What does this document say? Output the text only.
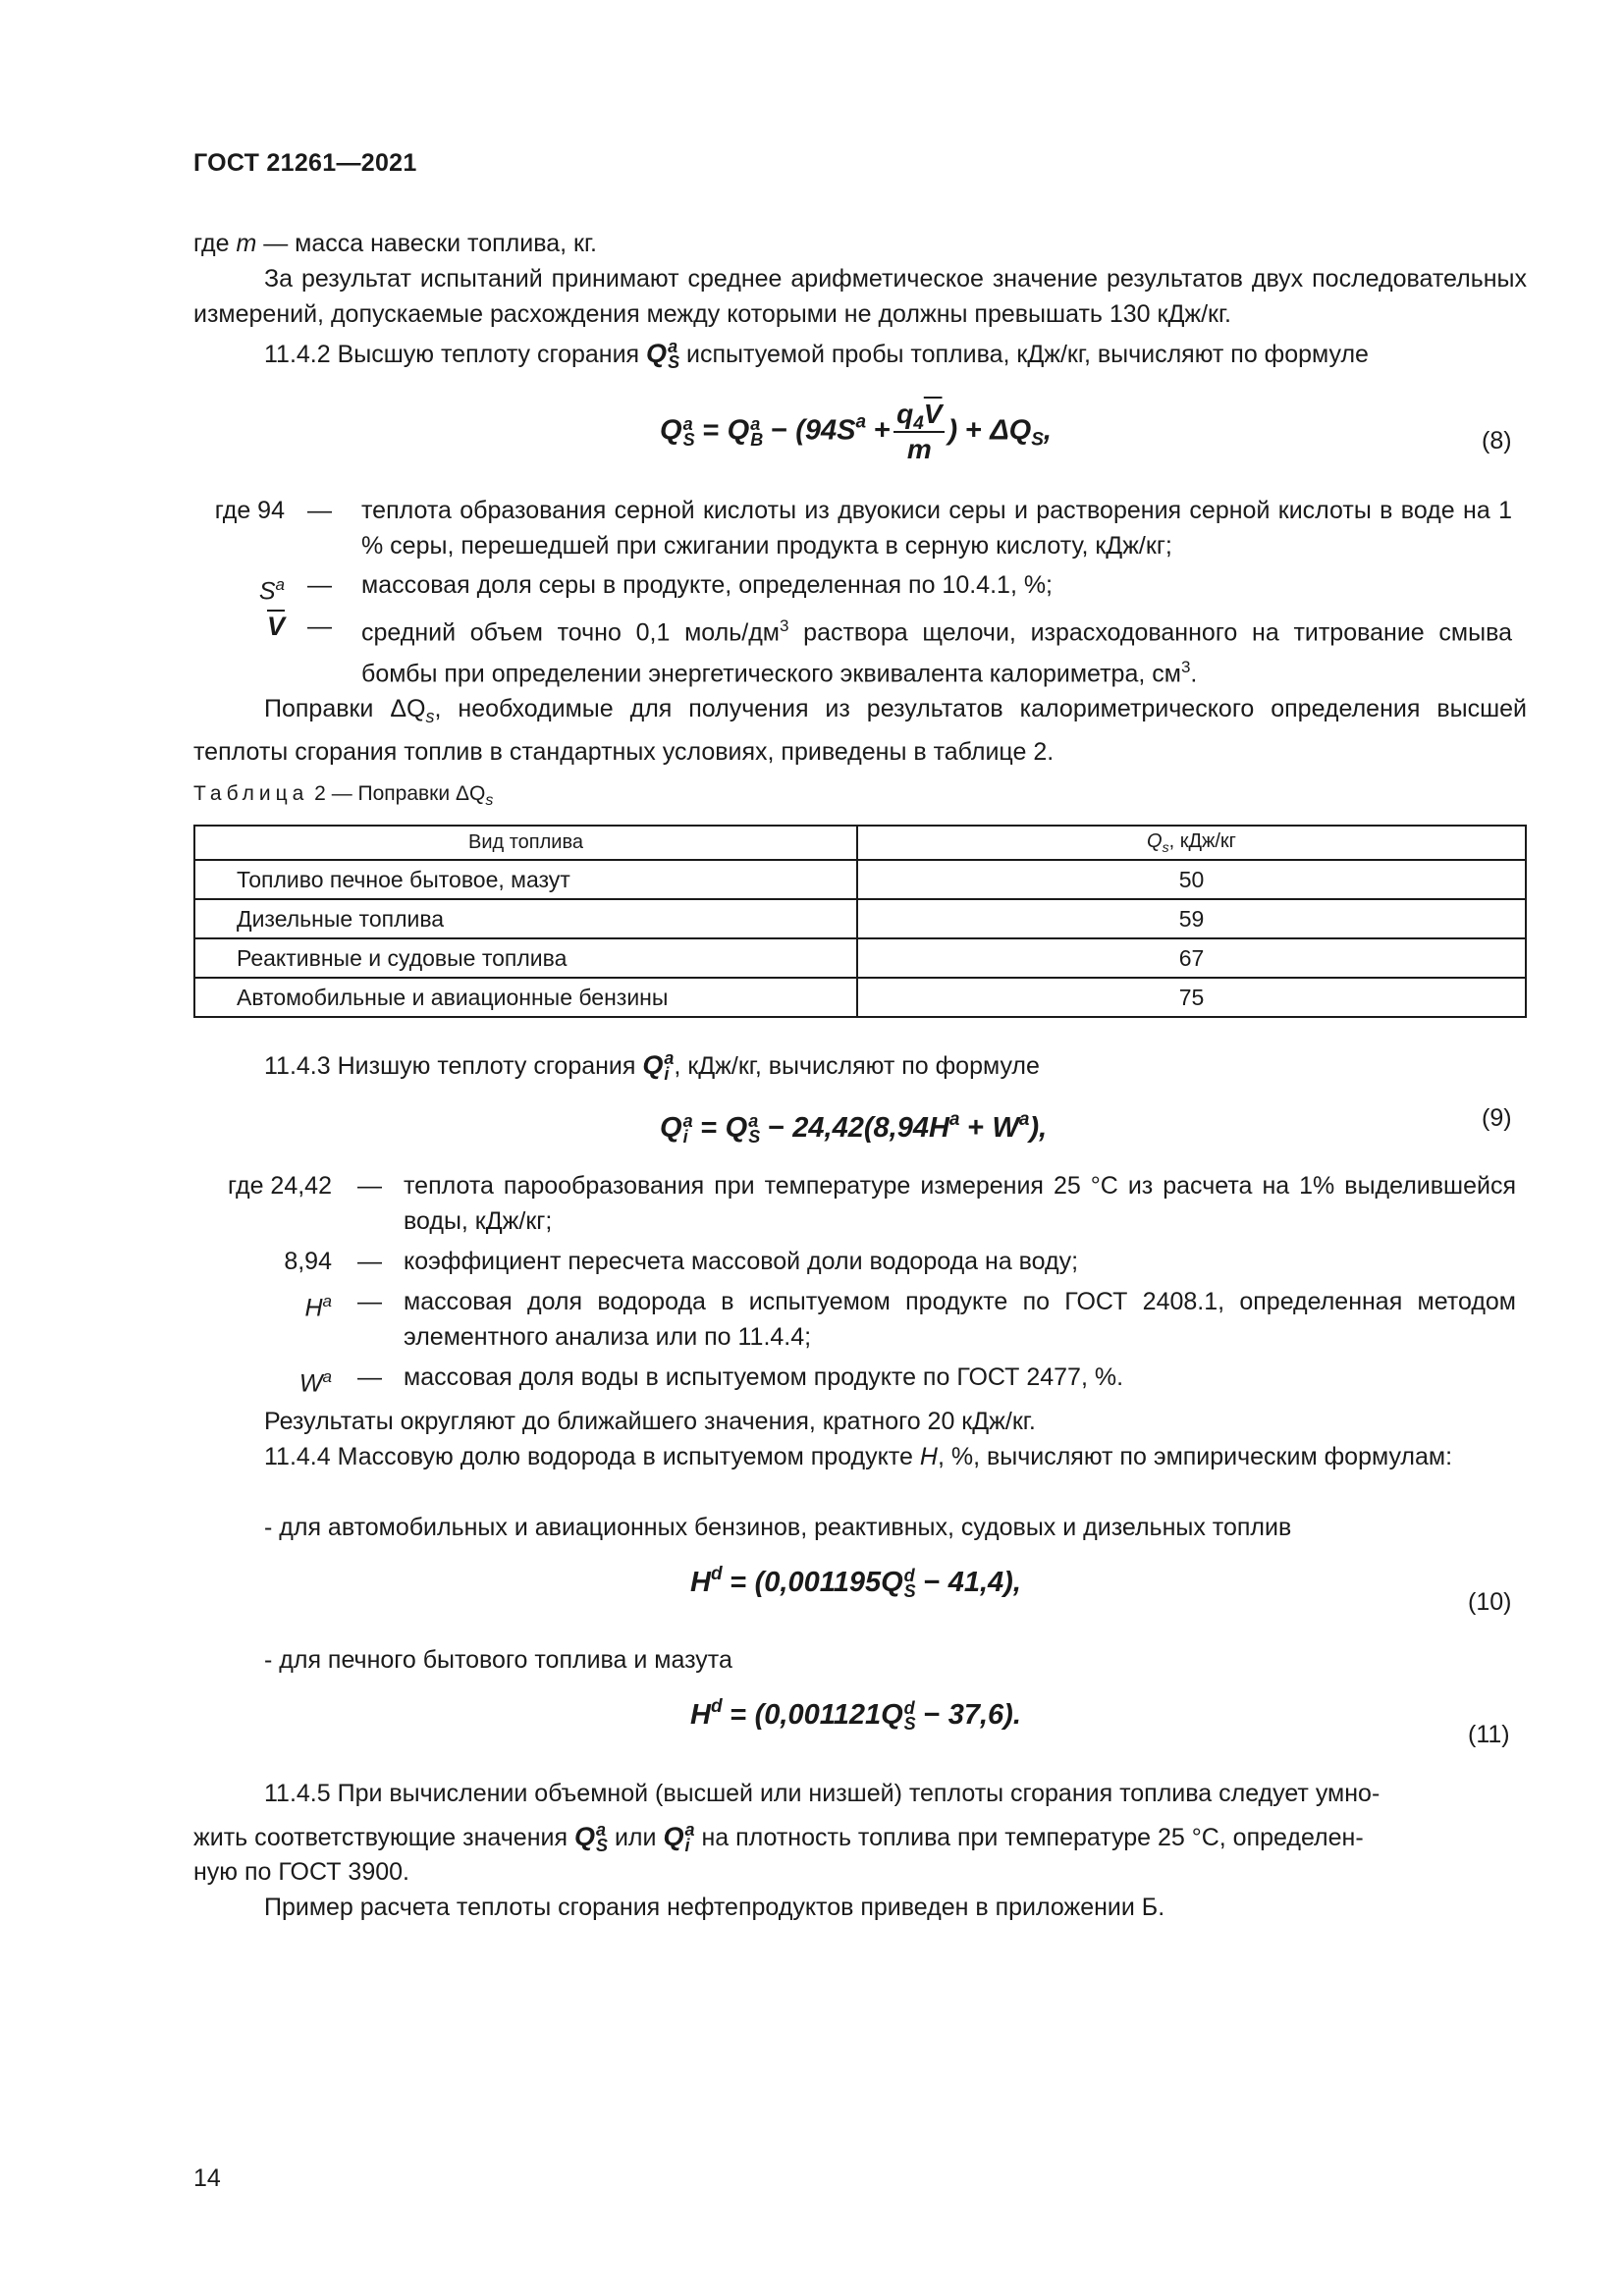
ГОСТ 21261—2021
где m — масса навески топлива, кг.
За результат испытаний принимают среднее арифметическое значение результатов двух последовательных измерений, допускаемые расхождения между которыми не должны превышать 130 кДж/кг.
11.4.2 Высшую теплоту сгорания Q a
S испытуемой пробы топлива, кДж/кг, вычисляют по формуле
Q a
S = Q a
$B - (94S^a + \frac{q_4\overline{V}}{m}$ ) + $\Delta Q_S$,	(8)
где 94 — теплота образования серной кислоты из двуокиси серы и растворения серной кислоты в воде на 1 % серы, перешедшей при сжигании продукта в серную кислоту, кДж/кг;
$S^a$ — массовая доля серы в продукте, определенная по 10.4.1, %;
$\overline{V}$ — средний объем точно 0,1 моль/$дм^3$ раствора щелочи, израсходованного на титрование смыва бомбы при определении энергетического эквивалента калориметра, $см^3$.
Поправки $\Delta Q_s$, необходимые для получения из результатов калориметрического определения высшей теплоты сгорания топлив в стандартных условиях, приведены в таблице 2.
Таблица 2 — Поправки $\Delta Q_s$
Вид топлива	$Q_s$, кДж/кг
Топливо печное бытовое, мазут	50
Дизельные топлива	59
Реактивные и судовые топлива	67
Автомобильные и авиационные бензины	75
11.4.3 Низшую теплоту сгорания Q a
i , кДж/кг, вычисляют по формуле
Q a
i = Q a
$S - 24,42(8,94H^a + W^a)$,	(9)
где 24,42 — теплота парообразования при температуре измерения 25 °С из расчета на 1% выделившейся воды, кДж/кг;
8,94 — коэффициент пересчета массовой доли водорода на воду;
$H^a$ — массовая доля водорода в испытуемом продукте по ГОСТ 2408.1, определенная методом элементного анализа или по 11.4.4;
$W^a$ — массовая доля воды в испытуемом продукте по ГОСТ 2477, %.
Результаты округляют до ближайшего значения, кратного 20 кДж/кг.
11.4.4 Массовую долю водорода в испытуемом продукте H, %, вычисляют по эмпирическим формулам:
- для автомобильных и авиационных бензинов, реактивных, судовых и дизельных топлив
$H^d = (0,001195Q$ d
S − 41,4),
(10)
- для печного бытового топлива и мазута
$H^d = (0,001121Q$ d
S − 37,6).
(11)
11.4.5 При вычислении объемной (высшей или низшей) теплоты сгорания топлива следует умно-
жить соответствующие значения Q a
S или Q a
i на плотность топлива при температуре 25 °С, определен-
ную по ГОСТ 3900.
Пример расчета теплоты сгорания нефтепродуктов приведен в приложении Б.
14
